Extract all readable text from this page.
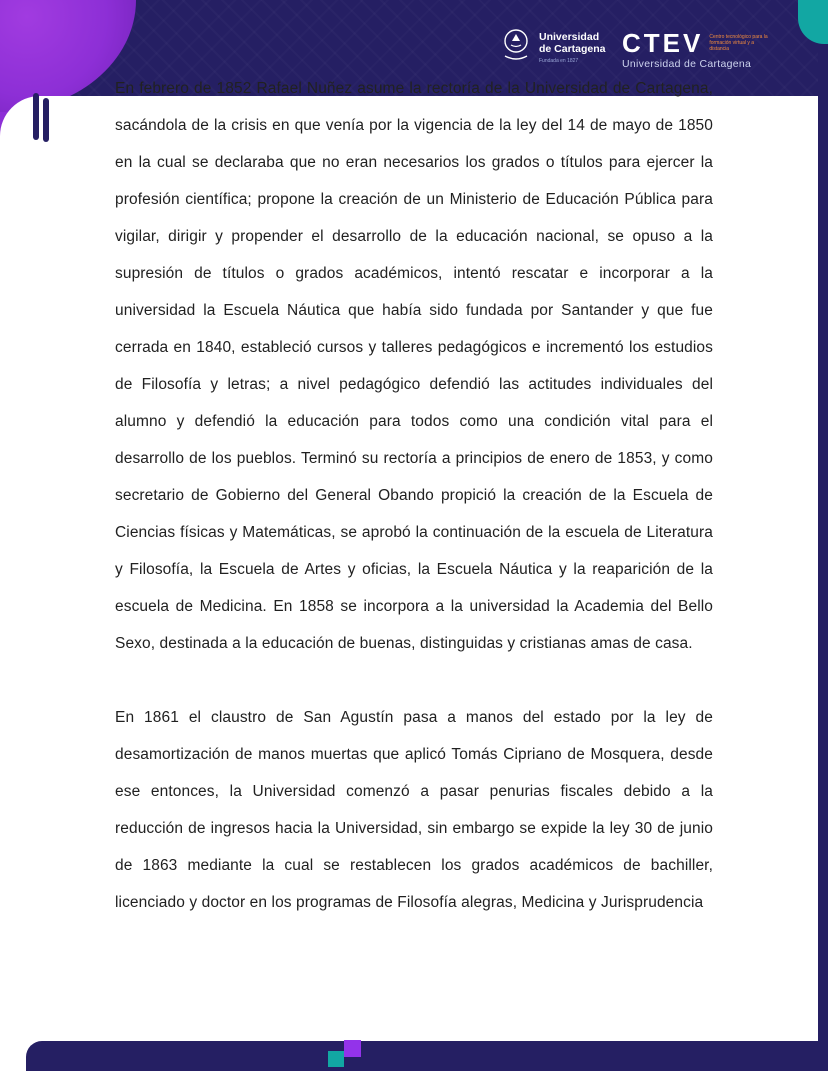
En febrero de 1852 Rafael Nuñez asume la rectoría de la Universidad de Cartagena, sacándola de la crisis en que venía por la vigencia de la ley del 14 de mayo de 1850 en la cual se declaraba que no eran necesarios los grados o títulos para ejercer la profesión científica; propone la creación de un Ministerio de Educación Pública para vigilar, dirigir y propender el desarrollo de la educación nacional, se opuso a la supresión de títulos o grados académicos, intentó rescatar e incorporar a la universidad la Escuela Náutica que había sido fundada por Santander y que fue cerrada en 1840, estableció cursos y talleres pedagógicos e incrementó los estudios de Filosofía y letras; a nivel pedagógico defendió las actitudes individuales del alumno y defendió la educación para todos como una condición vital para el desarrollo de los pueblos. Terminó su rectoría a principios de enero de 1853, y como secretario de Gobierno del General Obando propició la creación de la Escuela de Ciencias físicas y Matemáticas, se aprobó la continuación de la escuela de Literatura y Filosofía, la Escuela de Artes y oficias, la Escuela Náutica y la reaparición de la escuela de Medicina. En 1858 se incorpora a la universidad la Academia del Bello Sexo, destinada a la educación de buenas, distinguidas y cristianas amas de casa.

En 1861 el claustro de San Agustín pasa a manos del estado por la ley de desamortización de manos muertas que aplicó Tomás Cipriano de Mosquera, desde ese entonces, la Universidad comenzó a pasar penurias fiscales debido a la reducción de ingresos hacia la Universidad, sin embargo se expide la ley 30 de junio de 1863 mediante la cual se restablecen los grados académicos de bachiller, licenciado y doctor en los programas de Filosofía alegras, Medicina y Jurisprudencia

Universidad
de Cartagena
Fundada en 1827
CTEV Centro tecnológico para la formación virtual y a distancia
Universidad de Cartagena
